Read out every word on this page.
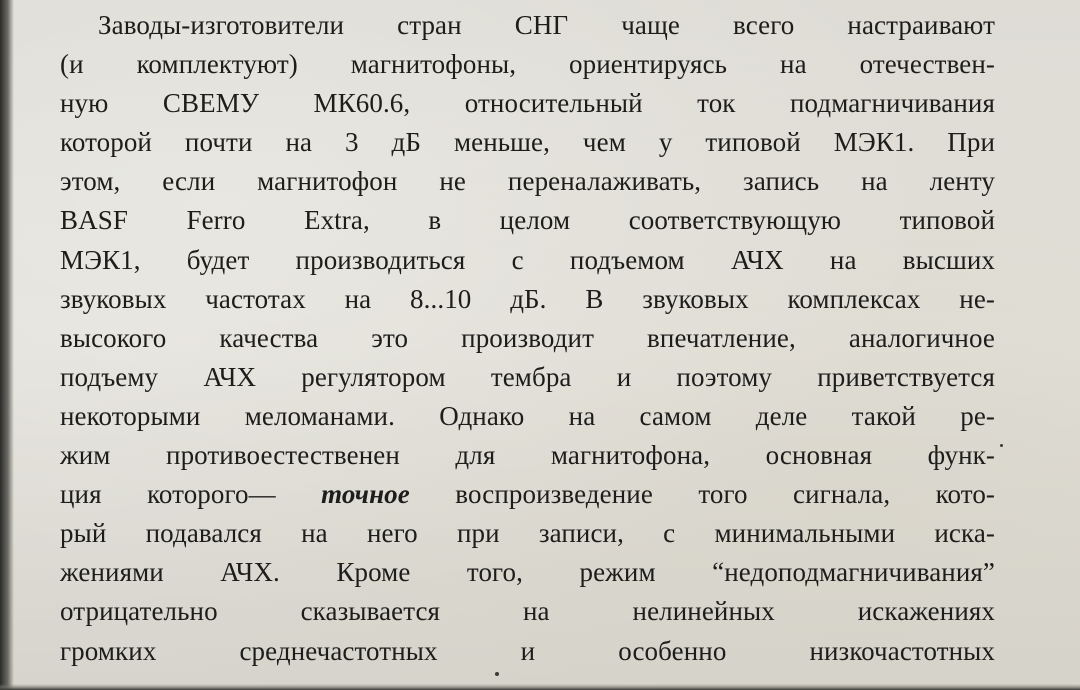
Заводы-изготовители стран СНГ чаще всего настраивают
(и комплектуют) магнитофоны, ориентируясь на отечествен-
ную СВЕМУ МК60.6, относительный ток подмагничивания
которой почти на 3 дБ меньше, чем у типовой МЭК1. При
этом, если магнитофон не переналаживать, запись на ленту
BASF Ferro Extra, в целом соответствующую типовой
МЭК1, будет производиться с подъемом АЧХ на высших
звуковых частотах на 8...10 дБ. В звуковых комплексах не-
высокого качества это производит впечатление, аналогичное
подъему АЧХ регулятором тембра и поэтому приветствуется
некоторыми меломанами. Однако на самом деле такой ре-
жим противоестественен для магнитофона, основная функ-
ция которого— точное воспроизведение того сигнала, кото-
рый подавался на него при записи, с минимальными иска-
жениями АЧХ. Кроме того, режим “недоподмагничивания”
отрицательно сказывается на нелинейных искажениях
громких среднечастотных и особенно низкочастотных
